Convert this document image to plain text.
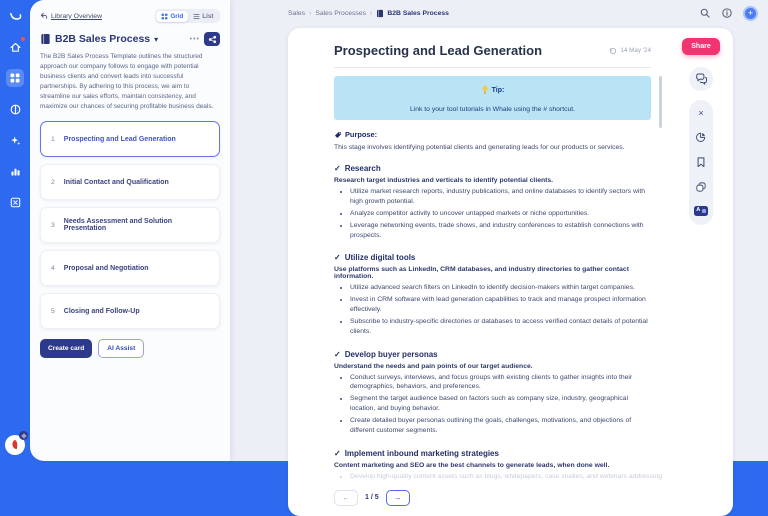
Library Overview	Grid	List
B2B Sales Process ▾	•••

The B2B Sales Process Template outlines the structured approach our company follows to engage with potential business clients and convert leads into successful partnerships. By adhering to this process, we aim to streamline our sales efforts, maintain consistency, and maximize our chances of securing profitable business deals.

1 Prospecting and Lead Generation
2 Initial Contact and Qualification
3 Needs Assessment and Solution Presentation
4 Proposal and Negotiation
5 Closing and Follow-Up
Create card	AI Assist
Sales › Sales Processes › B2B Sales Process	+
Prospecting and Lead Generation	14 May '24
Tip:
Link to your tool tutorials in Whale using the # shortcut.
Purpose:

This stage involves identifying potential clients and generating leads for our products or services.

✓ Research
Research target industries and verticals to identify potential clients.
• Utilize market research reports, industry publications, and online databases to identify sectors with high growth potential.
• Analyze competitor activity to uncover untapped markets or niche opportunities.
• Leverage networking events, trade shows, and industry conferences to establish connections with prospects.
✓ Utilize digital tools
Use platforms such as LinkedIn, CRM databases, and industry directories to gather contact information.
• Utilize advanced search filters on LinkedIn to identify decision-makers within target companies.
• Invest in CRM software with lead generation capabilities to track and manage prospect information effectively.
• Subscribe to industry-specific directories or databases to access verified contact details of potential clients.
✓ Develop buyer personas
Understand the needs and pain points of our target audience.
• Conduct surveys, interviews, and focus groups with existing clients to gather insights into their demographics, behaviors, and preferences.
• Segment the target audience based on factors such as company size, industry, geographical location, and buying behavior.
• Create detailed buyer personas outlining the goals, challenges, motivations, and objections of different customer segments.
✓ Implement inbound marketing strategies
Content marketing and SEO are the best channels to generate leads, when done well.
• Develop high-quality content assets such as blogs, whitepapers, case studies, and webinars addressing
←	1 / 5	→
Share
×
A
